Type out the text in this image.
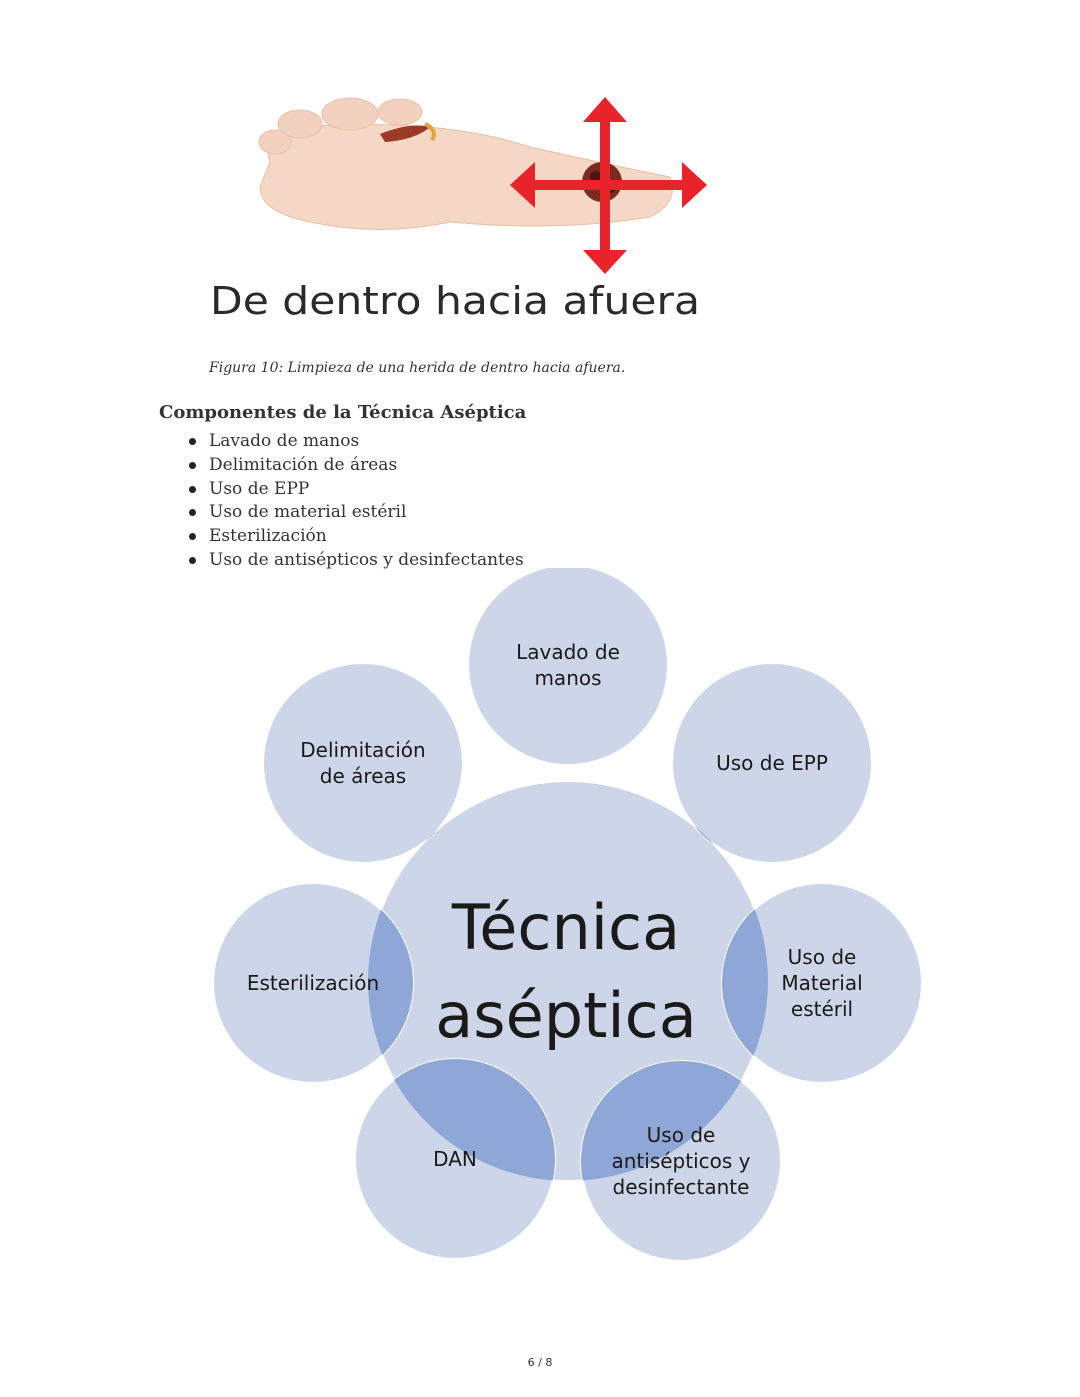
De dentro hacia afuera
Figura 10: Limpieza de una herida de dentro hacia afuera.
Componentes de la Técnica Aséptica
Lavado de manos
Delimitación de áreas
Uso de EPP
Uso de material estéril
Esterilización
Uso de antisépticos y desinfectantes
Técnica aséptica
Lavado de manos
Uso de EPP
Uso de Material estéril
Uso de antisépticos y desinfectante
DAN
Esterilización
Delimitación de áreas
6 / 8
